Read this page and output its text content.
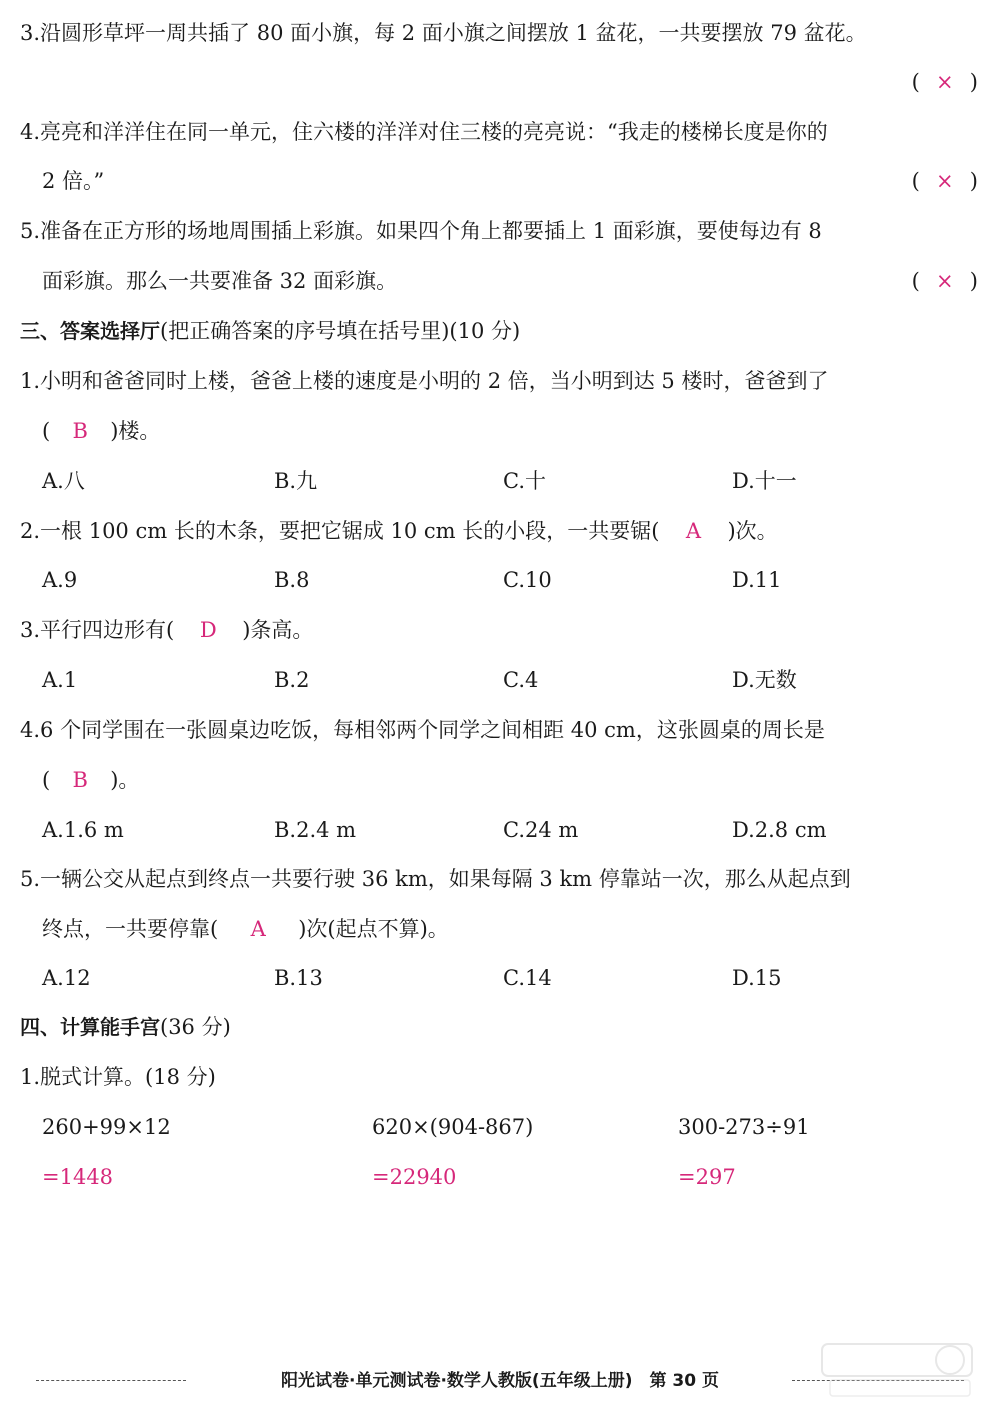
3.沿圆形草坪一周共插了 80 面小旗，每 2 面小旗之间摆放 1 盆花，一共要摆放 79 盆花。
( × )
4.亮亮和洋洋住在同一单元，住六楼的洋洋对住三楼的亮亮说：“我走的楼梯长度是你的
2 倍。”	( × )
5.准备在正方形的场地周围插上彩旗。如果四个角上都要插上 1 面彩旗，要使每边有 8
面彩旗。那么一共要准备 32 面彩旗。	( × )
三、答案选择厅(把正确答案的序号填在括号里)(10 分)
1.小明和爸爸同时上楼，爸爸上楼的速度是小明的 2 倍，当小明到达 5 楼时，爸爸到了
( B )楼。
A.八	B.九	C.十	D.十一
2.一根 100 cm 长的木条，要把它锯成 10 cm 长的小段，一共要锯( A )次。
A.9	B.8	C.10	D.11
3.平行四边形有( D )条高。
A.1	B.2	C.4	D.无数
4.6 个同学围在一张圆桌边吃饭，每相邻两个同学之间相距 40 cm，这张圆桌的周长是
( B )。
A.1.6 m	B.2.4 m	C.24 m	D.2.8 cm
5.一辆公交从起点到终点一共要行驶 36 km，如果每隔 3 km 停靠站一次，那么从起点到
终点，一共要停靠( A )次(起点不算)。
A.12	B.13	C.14	D.15
四、计算能手宫(36 分)
1.脱式计算。(18 分)
260+99×12	620×(904-867)	300-273÷91
=1448	=22940	=297
阳光试卷·单元测试卷·数学人教版(五年级上册)　第 30 页
